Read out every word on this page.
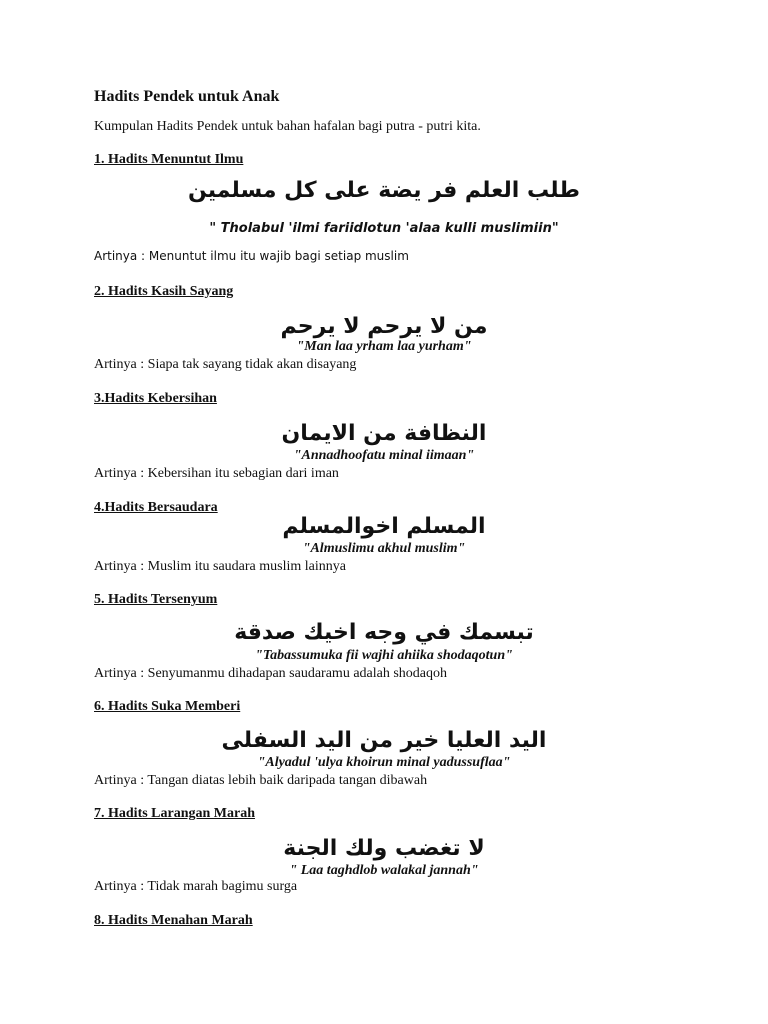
Hadits Pendek untuk Anak

Kumpulan Hadits Pendek untuk bahan hafalan bagi putra - putri kita.

1. Hadits Menuntut Ilmu

طلب العلم فر يضة على كل مسلمين

" Tholabul 'ilmi fariidlotun 'alaa kulli muslimiin"

Artinya : Menuntut ilmu itu wajib bagi setiap muslim

2. Hadits Kasih Sayang

من لا يرحم لا يرحم

"Man laa yrham laa yurham"

Artinya : Siapa tak sayang tidak akan disayang

3.Hadits Kebersihan

النظافة من الايمان

"Annadhoofatu minal iimaan"

Artinya : Kebersihan itu sebagian dari iman

4.Hadits Bersaudara

المسلم اخوالمسلم

"Almuslimu akhul muslim"

Artinya : Muslim itu saudara muslim lainnya

5. Hadits Tersenyum

تبسمك في وجه اخيك صدقة

"Tabassumuka fii wajhi ahiika shodaqotun"

Artinya : Senyumanmu dihadapan saudaramu adalah shodaqoh

6. Hadits Suka Memberi

اليد العليا خير من اليد السفلى

"Alyadul 'ulya khoirun minal yadussuflaa"

Artinya : Tangan diatas lebih baik daripada tangan dibawah

7. Hadits Larangan Marah

لا تغضب ولك الجنة

" Laa taghdlob walakal jannah"

Artinya : Tidak marah bagimu surga

8. Hadits Menahan Marah
